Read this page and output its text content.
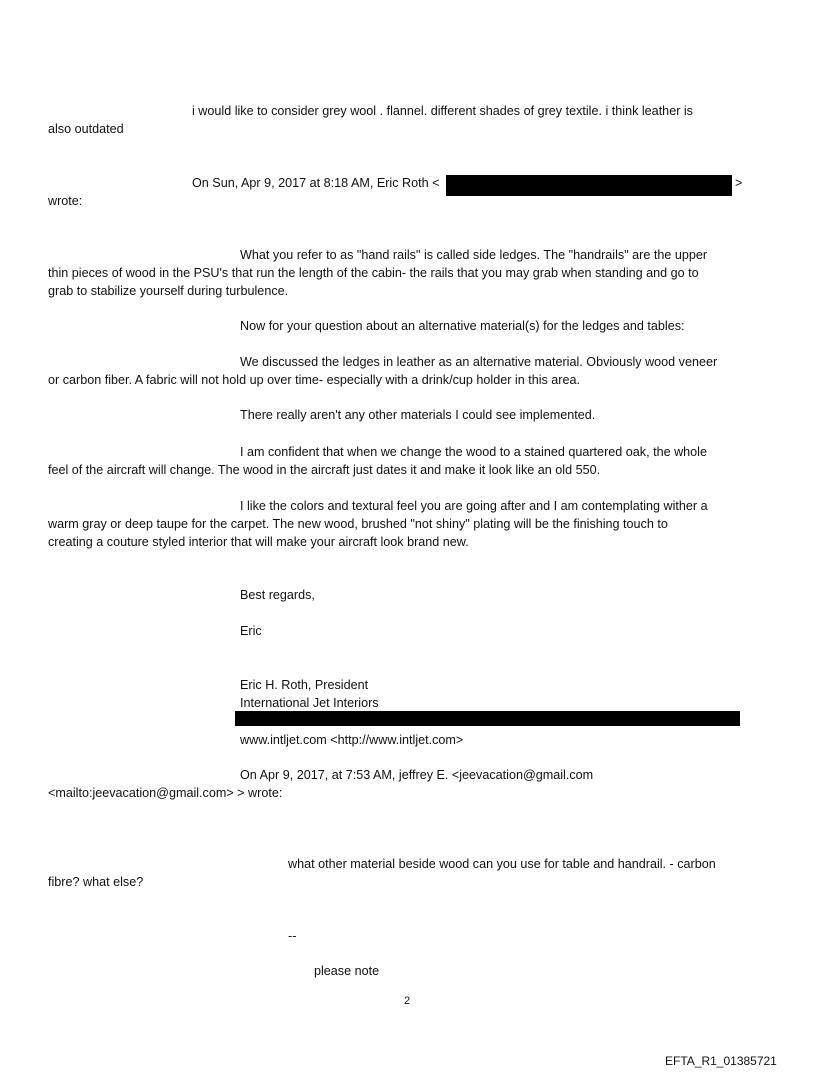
i would like to consider grey wool . flannel. different shades of grey textile. i think leather is
also outdated
On Sun, Apr 9, 2017 at 8:18 AM, Eric Roth <	>
wrote:
What you refer to as "hand rails" is called side ledges. The "handrails" are the upper
thin pieces of wood in the PSU's that run the length of the cabin- the rails that you may grab when standing and go to
grab to stabilize yourself during turbulence.
Now for your question about an alternative material(s) for the ledges and tables:
We discussed the ledges in leather as an alternative material. Obviously wood veneer
or carbon fiber. A fabric will not hold up over time- especially with a drink/cup holder in this area.
There really aren't any other materials I could see implemented.
I am confident that when we change the wood to a stained quartered oak, the whole
feel of the aircraft will change. The wood in the aircraft just dates it and make it look like an old 550.
I like the colors and textural feel you are going after and I am contemplating wither a
warm gray or deep taupe for the carpet. The new wood, brushed "not shiny" plating will be the finishing touch to
creating a couture styled interior that will make your aircraft look brand new.
Best regards,
Eric
Eric H. Roth, President
International Jet Interiors
www.intljet.com <http://www.intljet.com>
On Apr 9, 2017, at 7:53 AM, jeffrey E. <jeevacation@gmail.com
<mailto:jeevacation@gmail.com> > wrote:
what other material beside wood can you use for table and handrail. - carbon
fibre? what else?
--
please note
2
EFTA_R1_01385721
